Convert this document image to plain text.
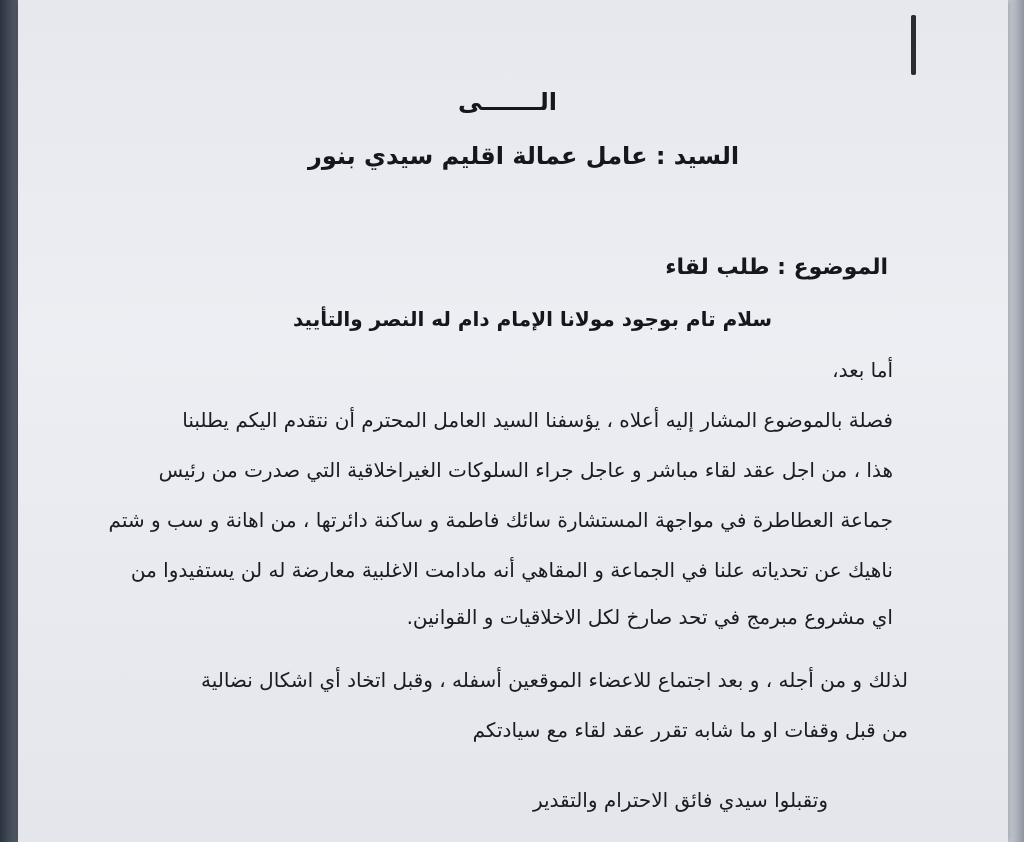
الـــــــى
السيد : عامل عمالة اقليم سيدي بنور
الموضوع : طلب لقاء
سلام تام بوجود مولانا الإمام دام له النصر والتأييد
أما بعد،
فصلة بالموضوع المشار إليه أعلاه ، يؤسفنا السيد العامل المحترم أن نتقدم اليكم يطلبنا
هذا ، من اجل عقد لقاء مباشر و عاجل جراء السلوكات الغيراخلاقية التي صدرت من رئيس
جماعة العطاطرة في مواجهة المستشارة سائك فاطمة و ساكنة دائرتها ، من اهانة و سب و شتم
ناهيك عن تحدياته علنا في الجماعة و المقاهي أنه مادامت الاغلبية معارضة له لن يستفيدوا من
اي مشروع مبرمج في تحد صارخ لكل الاخلاقيات و القوانين.
لذلك و من أجله ، و بعد اجتماع للاعضاء الموقعين أسفله ، وقبل اتخاد أي اشكال نضالية
من قبل وقفات او ما شابه تقرر عقد لقاء مع سيادتكم
وتقبلوا سيدي فائق الاحترام والتقدير
